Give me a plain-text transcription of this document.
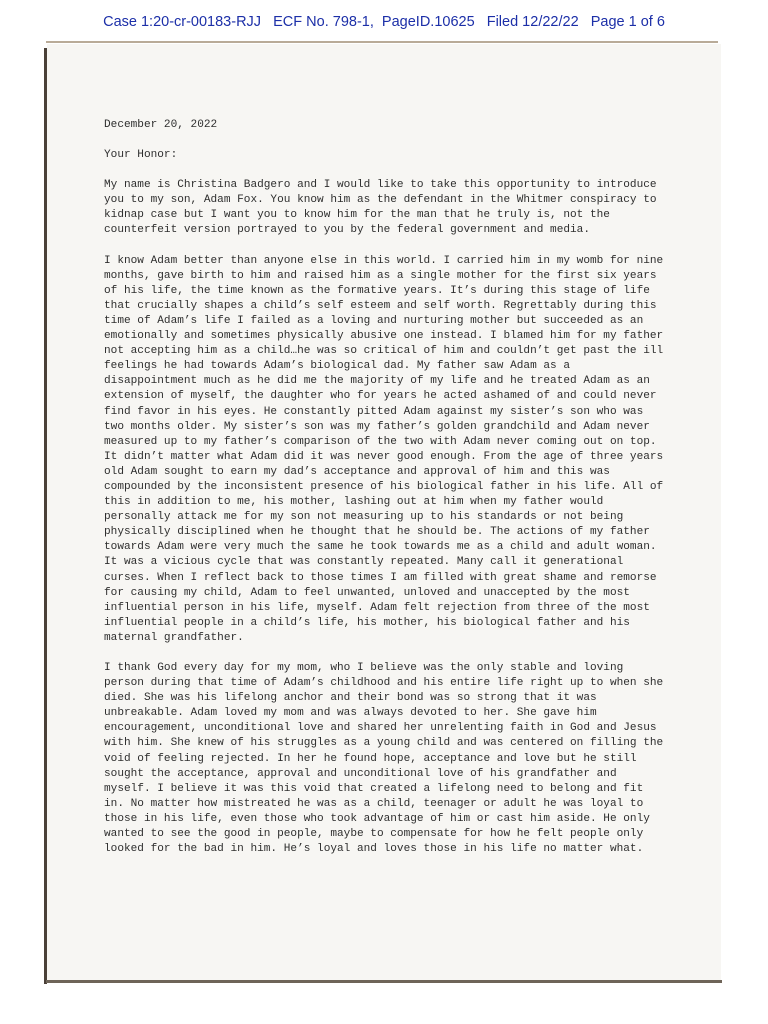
Case 1:20-cr-00183-RJJ   ECF No. 798-1,  PageID.10625   Filed 12/22/22   Page 1 of 6

December 20, 2022

Your Honor:

My name is Christina Badgero and I would like to take this opportunity to introduce

you to my son, Adam Fox. You know him as the defendant in the Whitmer conspiracy to

kidnap case but I want you to know him for the man that he truly is, not the

counterfeit version portrayed to you by the federal government and media.

I know Adam better than anyone else in this world. I carried him in my womb for nine

months, gave birth to him and raised him as a single mother for the first six years

of his life, the time known as the formative years. It’s during this stage of life

that crucially shapes a child’s self esteem and self worth. Regrettably during this

time of Adam’s life I failed as a loving and nurturing mother but succeeded as an

emotionally and sometimes physically abusive one instead. I blamed him for my father

not accepting him as a child…he was so critical of him and couldn’t get past the ill

feelings he had towards Adam’s biological dad. My father saw Adam as a

disappointment much as he did me the majority of my life and he treated Adam as an

extension of myself, the daughter who for years he acted ashamed of and could never

find favor in his eyes. He constantly pitted Adam against my sister’s son who was

two months older. My sister’s son was my father’s golden grandchild and Adam never

measured up to my father’s comparison of the two with Adam never coming out on top.

It didn’t matter what Adam did it was never good enough. From the age of three years

old Adam sought to earn my dad’s acceptance and approval of him and this was

compounded by the inconsistent presence of his biological father in his life. All of

this in addition to me, his mother, lashing out at him when my father would

personally attack me for my son not measuring up to his standards or not being

physically disciplined when he thought that he should be. The actions of my father

towards Adam were very much the same he took towards me as a child and adult woman.

It was a vicious cycle that was constantly repeated. Many call it generational

curses. When I reflect back to those times I am filled with great shame and remorse

for causing my child, Adam to feel unwanted, unloved and unaccepted by the most

influential person in his life, myself. Adam felt rejection from three of the most

influential people in a child’s life, his mother, his biological father and his

maternal grandfather.

I thank God every day for my mom, who I believe was the only stable and loving

person during that time of Adam’s childhood and his entire life right up to when she

died. She was his lifelong anchor and their bond was so strong that it was

unbreakable. Adam loved my mom and was always devoted to her. She gave him

encouragement, unconditional love and shared her unrelenting faith in God and Jesus

with him. She knew of his struggles as a young child and was centered on filling the

void of feeling rejected. In her he found hope, acceptance and love but he still

sought the acceptance, approval and unconditional love of his grandfather and

myself. I believe it was this void that created a lifelong need to belong and fit

in. No matter how mistreated he was as a child, teenager or adult he was loyal to

those in his life, even those who took advantage of him or cast him aside. He only

wanted to see the good in people, maybe to compensate for how he felt people only

looked for the bad in him. He’s loyal and loves those in his life no matter what.
